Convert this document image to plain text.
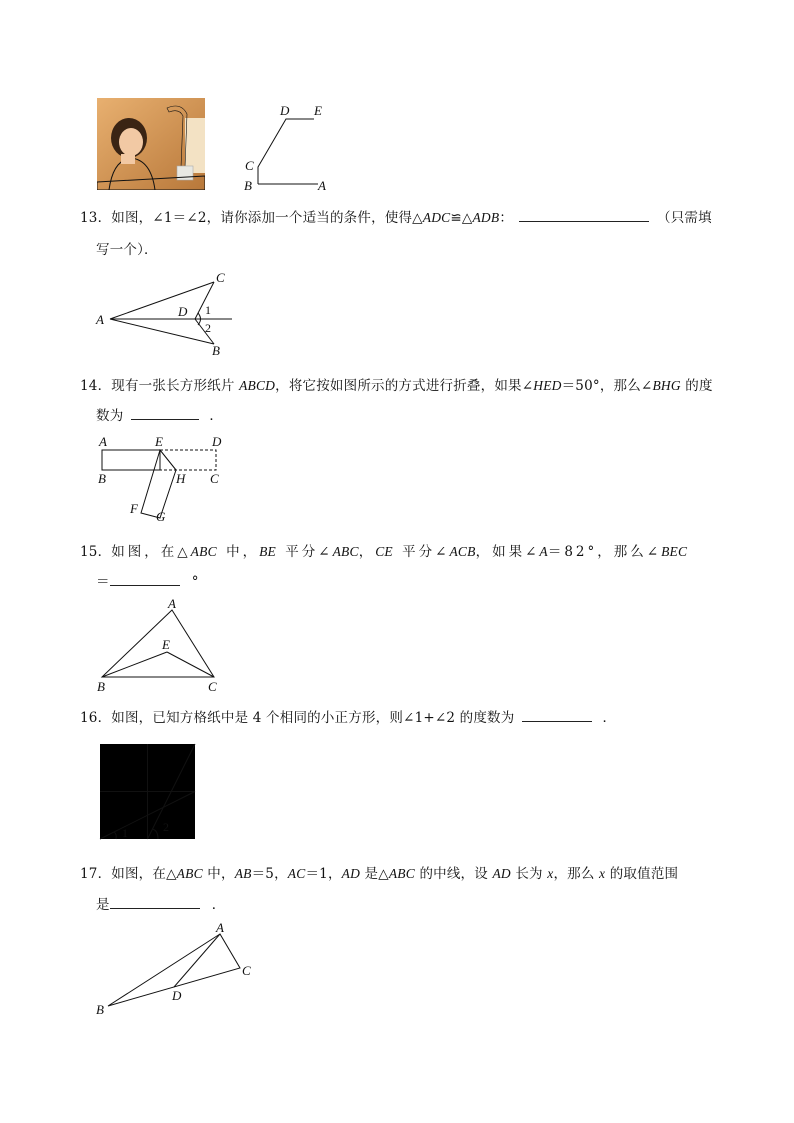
D E
C
B	A
13．如图，∠1＝∠2，请你添加一个适当的条件，使得△ADC≌△ADB：	（只需填
写一个）．
A
C
D
B
1
2
14．现有一张长方形纸片 ABCD，将它按如图所示的方式进行折叠，如果∠HED＝50°，那么∠BHG 的度
数为	．
A	E	D
B	H C
F
G
15．如图，在△ABC 中，BE 平分∠ABC，CE 平分∠ACB，如果∠A＝82°，那么∠BEC
＝	°
A
E
B	C
16．如图，已知方格纸中是 4 个相同的小正方形，则∠1+∠2 的度数为	．
1	2
17．如图，在△ABC 中，AB＝5，AC＝1，AD 是△ABC 的中线，设 AD 长为 x，那么 x 的取值范围
是	．
A
C
D
B
